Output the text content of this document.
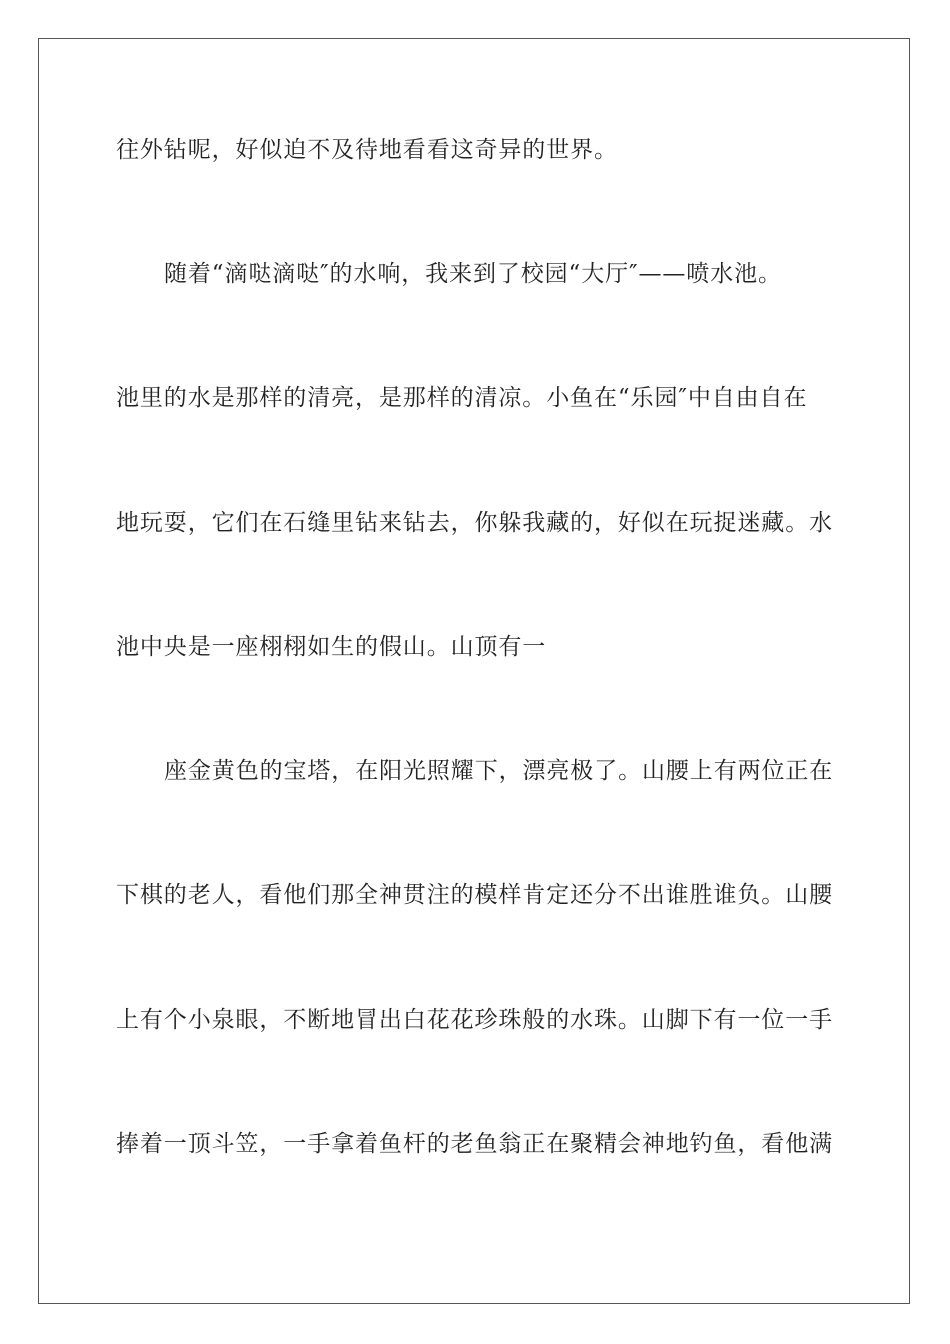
往外钻呢，好似迫不及待地看看这奇异的世界。
随着“滴哒滴哒″的水响，我来到了校园“大厅″——喷水池。
池里的水是那样的清亮，是那样的清凉。小鱼在“乐园″中自由自在
地玩耍，它们在石缝里钻来钻去，你躲我藏的，好似在玩捉迷藏。水
池中央是一座栩栩如生的假山。山顶有一
座金黄色的宝塔，在阳光照耀下，漂亮极了。山腰上有两位正在
下棋的老人，看他们那全神贯注的模样肯定还分不出谁胜谁负。山腰
上有个小泉眼，不断地冒出白花花珍珠般的水珠。山脚下有一位一手
捧着一顶斗笠，一手拿着鱼杆的老鱼翁正在聚精会神地钓鱼，看他满
